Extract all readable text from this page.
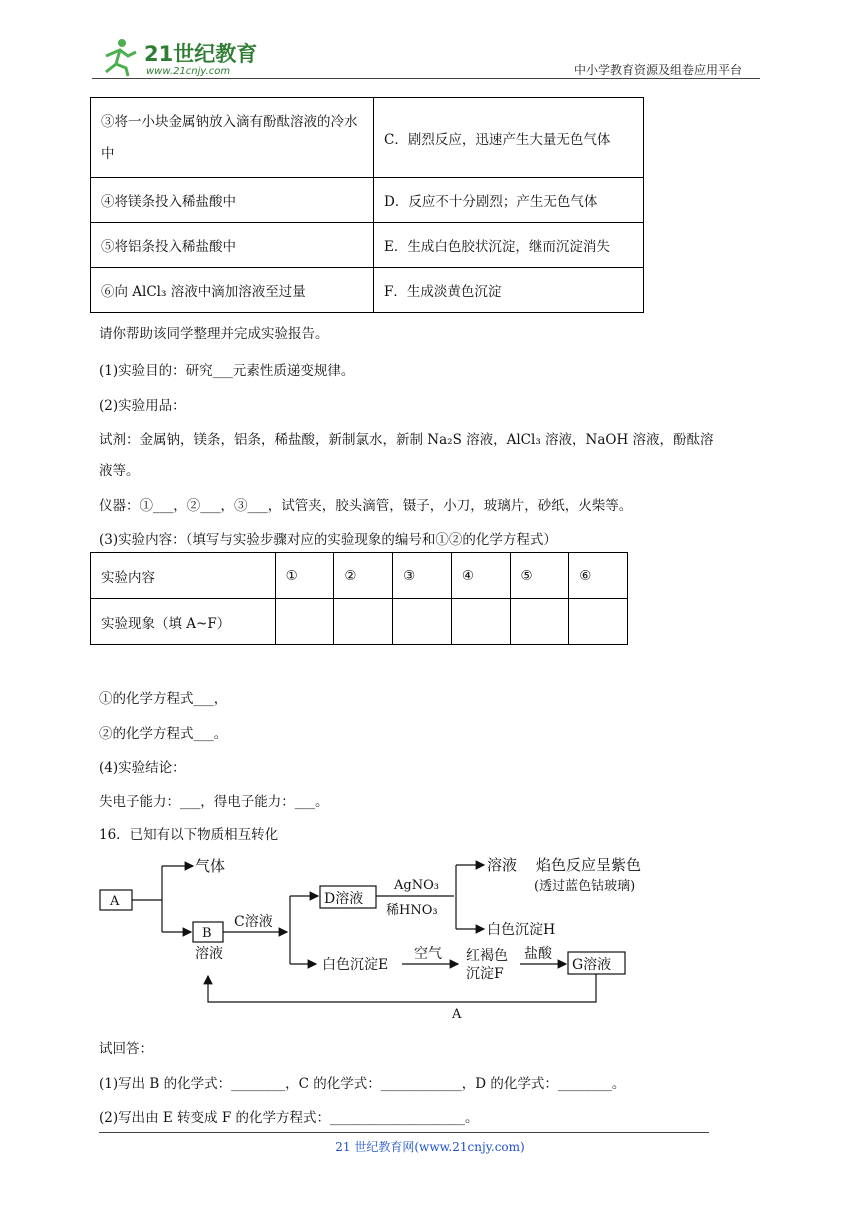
21世纪教育
www.21cnjy.com	中小学教育资源及组卷应用平台
③将一小块金属钠放入滴有酚酞溶液的冷水中	C．剧烈反应，迅速产生大量无色气体
④将镁条投入稀盐酸中	D．反应不十分剧烈；产生无色气体
⑤将铝条投入稀盐酸中	E．生成白色胶状沉淀，继而沉淀消失
⑥向 AlCl₃ 溶液中滴加溶液至过量	F．生成淡黄色沉淀
请你帮助该同学整理并完成实验报告。
(1)实验目的：研究___元素性质递变规律。
(2)实验用品：
试剂：金属钠，镁条，铝条，稀盐酸，新制氯水，新制 Na₂S 溶液，AlCl₃ 溶液，NaOH 溶液，酚酞溶
液等。
仪器：①___，②___，③___，试管夹，胶头滴管，镊子，小刀，玻璃片，砂纸，火柴等。
(3)实验内容：（填写与实验步骤对应的实验现象的编号和①②的化学方程式）
实验内容	①	②	③	④	⑤	⑥
实验现象（填 A~F）						
①的化学方程式___，
②的化学方程式___。
(4)实验结论：
失电子能力：___，得电子能力：___。
16．已知有以下物质相互转化
A
气体
B
溶液
C溶液
D溶液
AgNO₃
稀HNO₃
溶液 焰色反应呈紫色
(透过蓝色钴玻璃)
白色沉淀H
白色沉淀E
空气 红褐色
沉淀F
盐酸
G溶液
A
试回答：
(1)写出 B 的化学式：________，C 的化学式：____________，D 的化学式：________。
(2)写出由 E 转变成 F 的化学方程式：____________________。
21 世纪教育网(www.21cnjy.com)
